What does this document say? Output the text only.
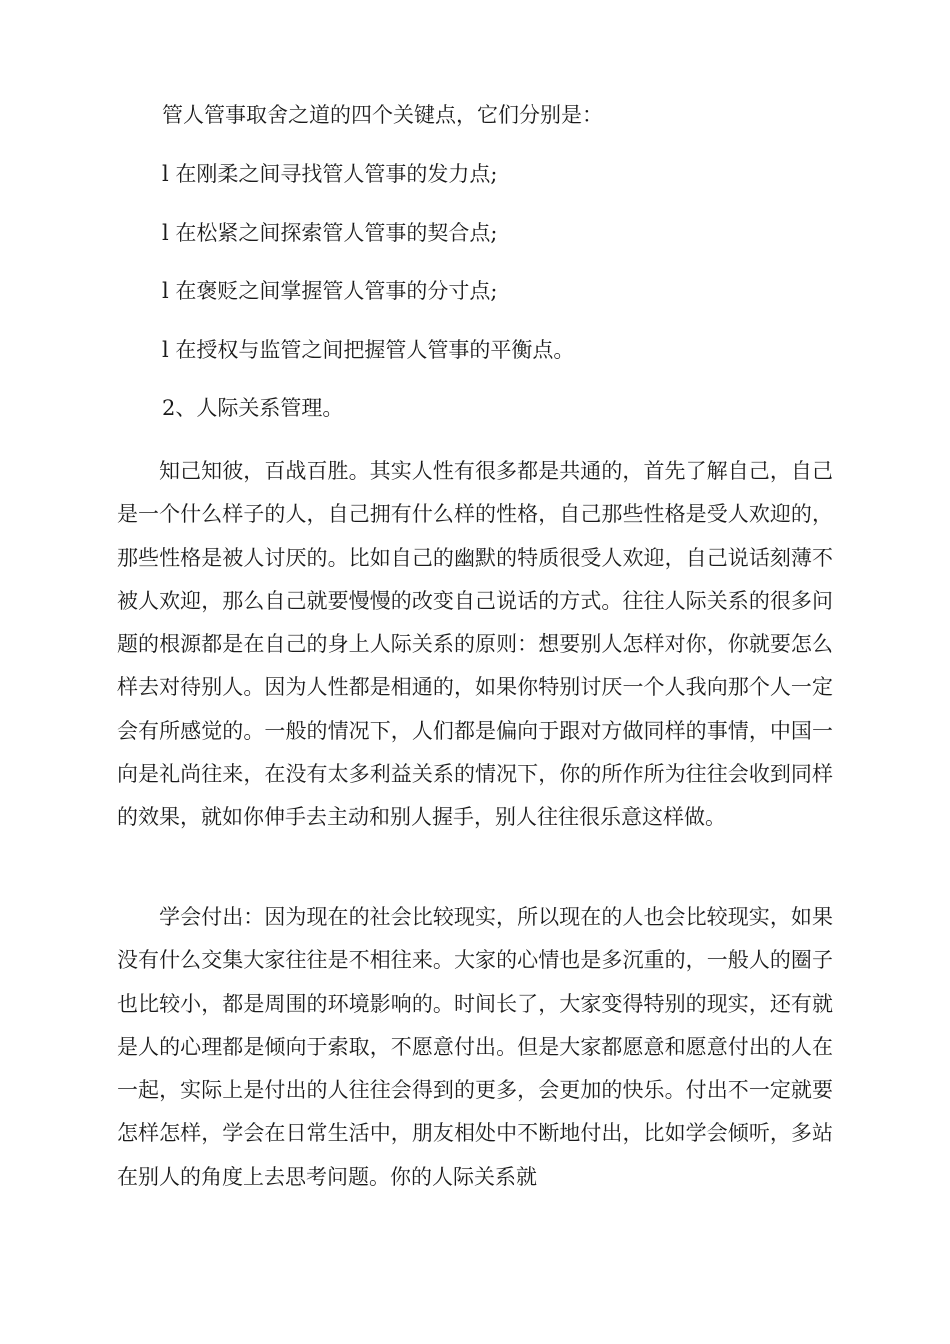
管人管事取舍之道的四个关键点，它们分别是：
l 在刚柔之间寻找管人管事的发力点;
l 在松紧之间探索管人管事的契合点;
l 在褒贬之间掌握管人管事的分寸点;
l 在授权与监管之间把握管人管事的平衡点。
2、人际关系管理。
知己知彼，百战百胜。其实人性有很多都是共通的，首先了解自己，自己是一个什么样子的人，自己拥有什么样的性格，自己那些性格是受人欢迎的，那些性格是被人讨厌的。比如自己的幽默的特质很受人欢迎，自己说话刻薄不被人欢迎，那么自己就要慢慢的改变自己说话的方式。往往人际关系的很多问题的根源都是在自己的身上人际关系的原则：想要别人怎样对你，你就要怎么样去对待别人。因为人性都是相通的，如果你特别讨厌一个人我向那个人一定会有所感觉的。一般的情况下，人们都是偏向于跟对方做同样的事情，中国一向是礼尚往来，在没有太多利益关系的情况下，你的所作所为往往会收到同样的效果，就如你伸手去主动和别人握手，别人往往很乐意这样做。
学会付出：因为现在的社会比较现实，所以现在的人也会比较现实，如果没有什么交集大家往往是不相往来。大家的心情也是多沉重的，一般人的圈子也比较小，都是周围的环境影响的。时间长了，大家变得特别的现实，还有就是人的心理都是倾向于索取，不愿意付出。但是大家都愿意和愿意付出的人在一起，实际上是付出的人往往会得到的更多，会更加的快乐。付出不一定就要怎样怎样，学会在日常生活中，朋友相处中不断地付出，比如学会倾听，多站在别人的角度上去思考问题。你的人际关系就
